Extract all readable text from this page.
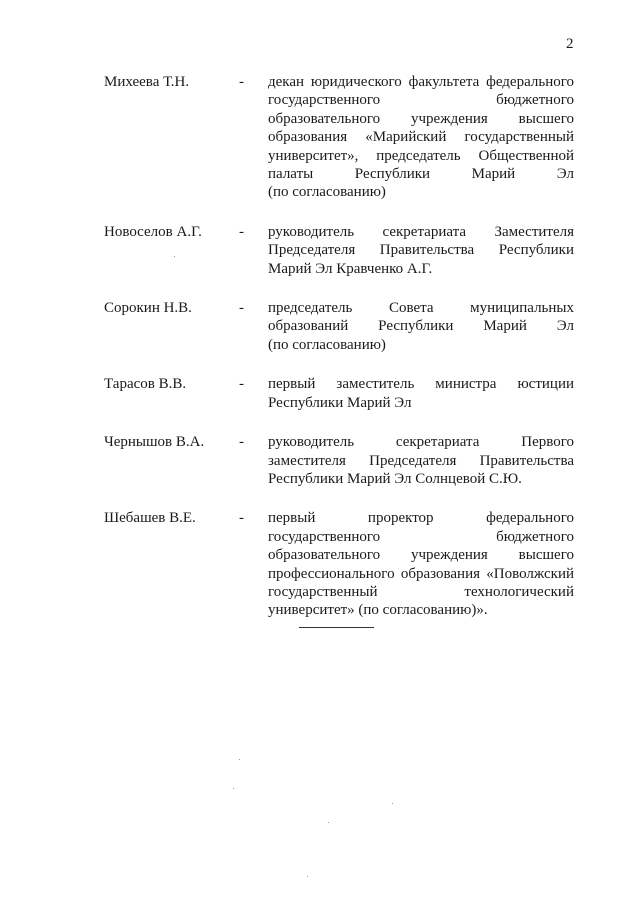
2
Михеева Т.Н.	- декан юридического факультета федерального
государственного бюджетного
образовательного учреждения высшего
образования «Марийский государственный
университет», председатель Общественной
палаты Республики Марий Эл
(по согласованию)
Новоселов А.Г. - руководитель секретариата Заместителя
Председателя Правительства Республики
Марий Эл Кравченко А.Г.
Сорокин Н.В.	- председатель Совета муниципальных
образований Республики Марий Эл
(по согласованию)
Тарасов В.В.	- первый заместитель министра юстиции
Республики Марий Эл
Чернышов В.А. - руководитель секретариата Первого
заместителя Председателя Правительства
Республики Марий Эл Солнцевой С.Ю.
Шебашев В.Е.	- первый проректор федерального
государственного бюджетного
образовательного учреждения высшего
профессионального образования «Поволжский
государственный технологический
университет» (по согласованию)».
